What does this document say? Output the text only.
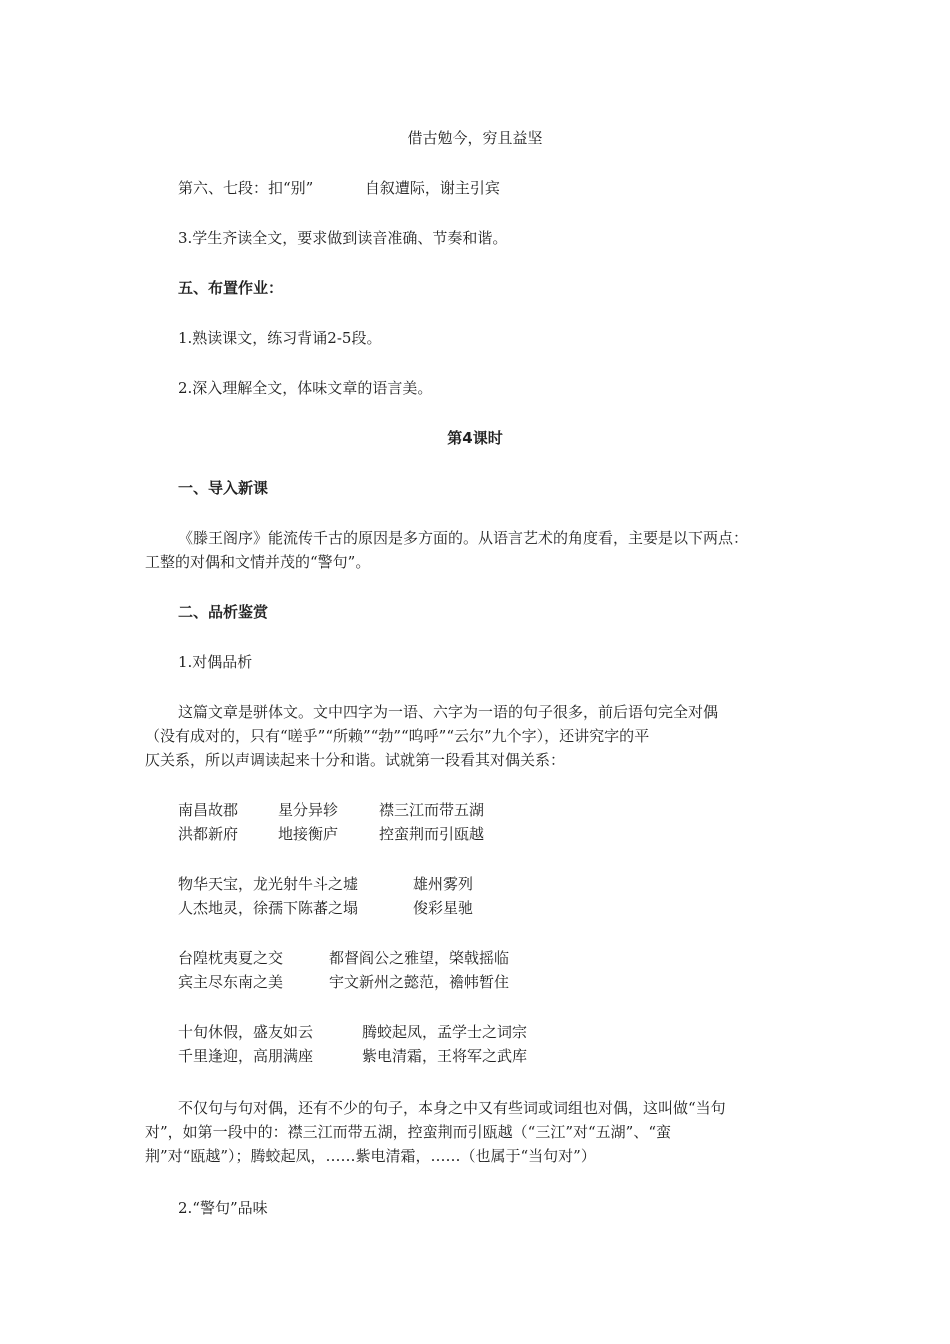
借古勉今，穷且益坚
第六、七段：扣“别”	自叙遭际，谢主引宾
3.学生齐读全文，要求做到读音准确、节奏和谐。
五、布置作业：
1.熟读课文，练习背诵2-5段。
2.深入理解全文，体味文章的语言美。
第4课时
一、导入新课
《滕王阁序》能流传千古的原因是多方面的。从语言艺术的角度看，主要是以下两点：
工整的对偶和文情并茂的“警句”。
二、品析鉴赏
1.对偶品析
这篇文章是骈体文。文中四字为一语、六字为一语的句子很多，前后语句完全对偶
（没有成对的，只有“嗟乎”“所赖”“勃”“呜呼”“云尔”九个字），还讲究字的平
仄关系，所以声调读起来十分和谐。试就第一段看其对偶关系：
南昌故郡	星分异轸	襟三江而带五湖
洪都新府	地接衡庐	控蛮荆而引瓯越
物华天宝，龙光射牛斗之墟	雄州雾列
人杰地灵，徐孺下陈蕃之塌	俊彩星驰
台隍枕夷夏之交	都督阎公之雅望，棨戟摇临
宾主尽东南之美	宇文新州之懿范，襜帏暂住
十旬休假，盛友如云	腾蛟起凤，孟学士之词宗
千里逢迎，高朋满座	紫电清霜，王将军之武库
不仅句与句对偶，还有不少的句子，本身之中又有些词或词组也对偶，这叫做“当句
对”，如第一段中的：襟三江而带五湖，控蛮荆而引瓯越（“三江”对“五湖”、“蛮
荆”对“瓯越”）；腾蛟起凤，……紫电清霜，……（也属于“当句对”）
2.“警句”品味
